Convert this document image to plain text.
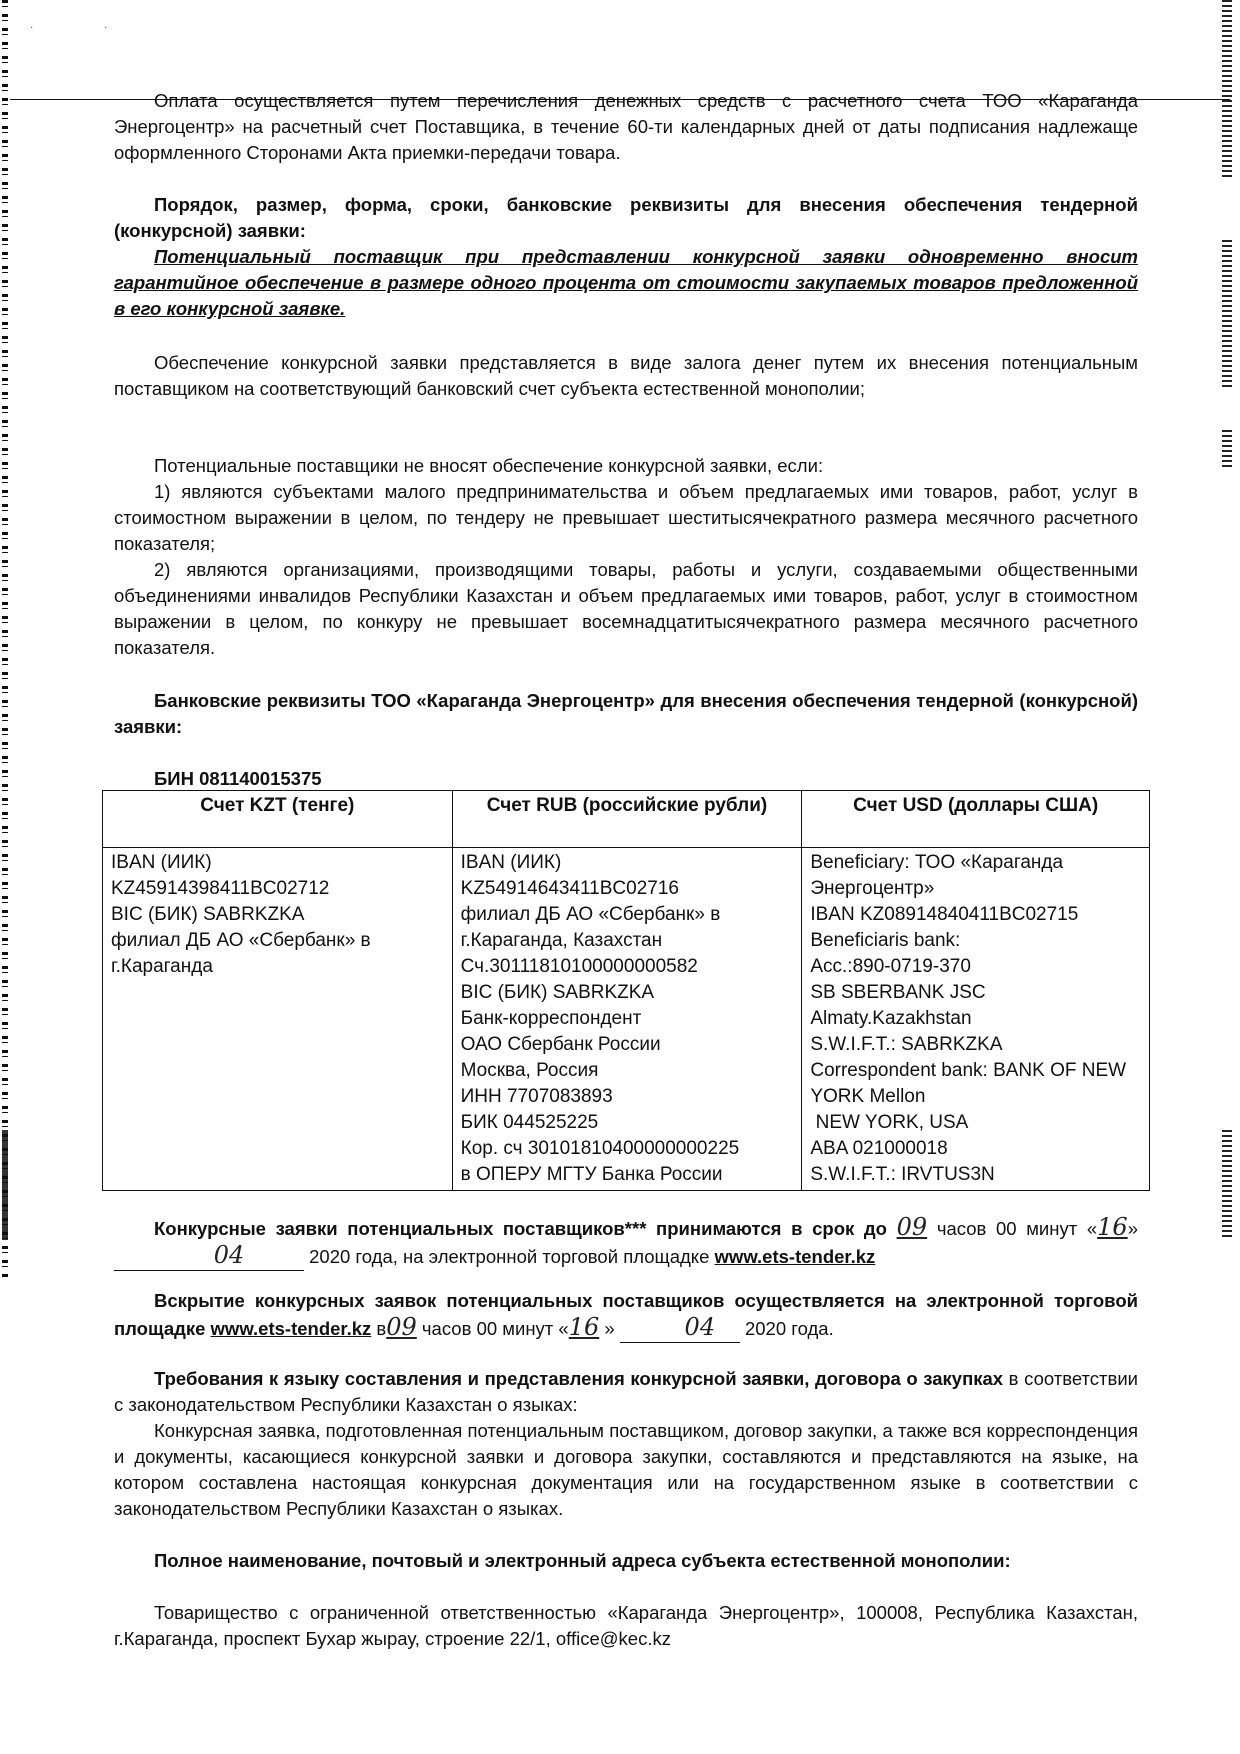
·	·
Оплата осуществляется путем перечисления денежных средств с расчетного счета ТОО «Караганда Энергоцентр» на расчетный счет Поставщика, в течение 60-ти календарных дней от даты подписания надлежаще оформленного Сторонами Акта приемки-передачи товара.
Порядок, размер, форма, сроки, банковские реквизиты для внесения обеспечения тендерной (конкурсной) заявки:
Потенциальный поставщик при представлении конкурсной заявки одновременно вносит гарантийное обеспечение в размере одного процента от стоимости закупаемых товаров предложенной в его конкурсной заявке.
Обеспечение конкурсной заявки представляется в виде залога денег путем их внесения потенциальным поставщиком на соответствующий банковский счет субъекта естественной монополии;
Потенциальные поставщики не вносят обеспечение конкурсной заявки, если:
1) являются субъектами малого предпринимательства и объем предлагаемых ими товаров, работ, услуг в стоимостном выражении в целом, по тендеру не превышает шеститысячекратного размера месячного расчетного показателя;
2) являются организациями, производящими товары, работы и услуги, создаваемыми общественными объединениями инвалидов Республики Казахстан и объем предлагаемых ими товаров, работ, услуг в стоимостном выражении в целом, по конкуру не превышает восемнадцатитысячекратного размера месячного расчетного показателя.
Банковские реквизиты ТОО «Караганда Энергоцентр» для внесения обеспечения тендерной (конкурсной) заявки:
БИН 081140015375
Счет KZT (тенге)	Счет RUB (российские рубли)	Счет USD (доллары США)

IBAN (ИИК)
KZ45914398411BC02712
BIC (БИК) SABRKZKA
филиал ДБ АО «Сбербанк» в г.Караганда

IBAN (ИИК)
KZ54914643411BC02716
филиал ДБ АО «Сбербанк» в г.Караганда, Казахстан
Сч.30111810100000000582
BIC (БИК) SABRKZKA
Банк-корреспондент
ОАО Сбербанк России
Москва, Россия
ИНН 7707083893
БИК 044525225
Кор. сч 30101810400000000225
в ОПЕРУ МГТУ Банка России

Beneficiary: ТОО «Караганда Энергоцентр»
IBAN KZ08914840411BC02715
Beneficiaris bank:
Acc.:890-0719-370
SB SBERBANK JSC
Almaty.Kazakhstan
S.W.I.F.T.: SABRKZKA
Correspondent bank: BANK OF NEW YORK Mellon
NEW YORK, USA
ABA 021000018
S.W.I.F.T.: IRVTUS3N
Конкурсные заявки потенциальных поставщиков*** принимаются в срок до 09 часов 00 минут «16» 04	2020 года, на электронной торговой площадке www.ets-tender.kz
Вскрытие конкурсных заявок потенциальных поставщиков осуществляется на электронной торговой площадке www.ets-tender.kz в09 часов 00 минут «16 »	04 2020 года.
Требования к языку составления и представления конкурсной заявки, договора о закупках в соответствии с законодательством Республики Казахстан о языках:
Конкурсная заявка, подготовленная потенциальным поставщиком, договор закупки, а также вся корреспонденция и документы, касающиеся конкурсной заявки и договора закупки, составляются и представляются на языке, на котором составлена настоящая конкурсная документация или на государственном языке в соответствии с законодательством Республики Казахстан о языках.
Полное наименование, почтовый и электронный адреса субъекта естественной монополии:
Товарищество с ограниченной ответственностью «Караганда Энергоцентр», 100008, Республика Казахстан, г.Караганда, проспект Бухар жырау, строение 22/1, office@kec.kz
